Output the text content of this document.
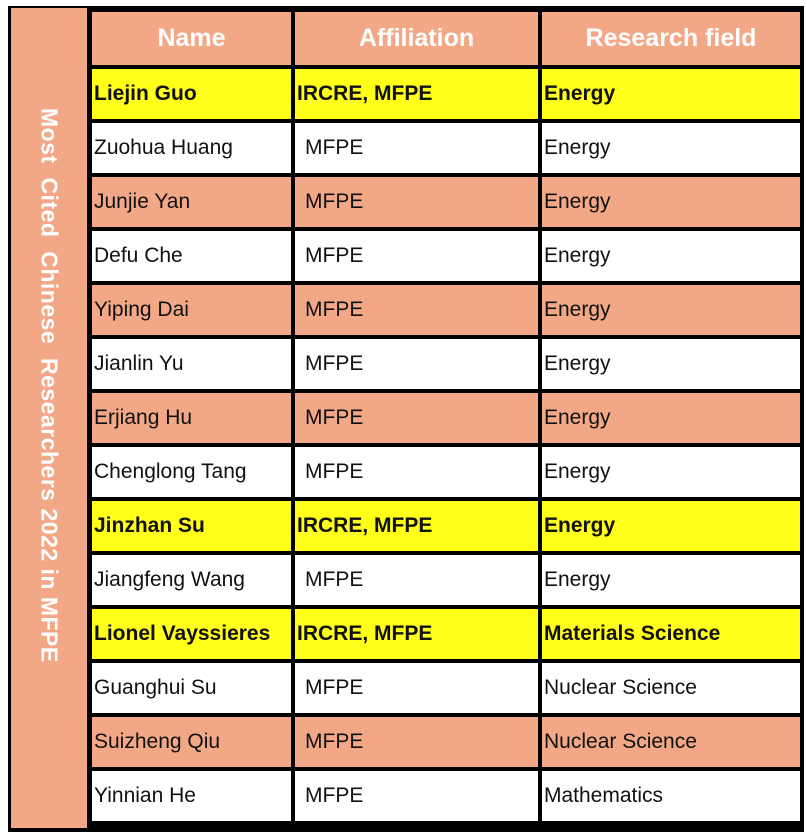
Most  Cited  Chinese  Researchers 2022 in MFPE
Name	Affiliation	Research field
Liejin Guo	IRCRE, MFPE	Energy
Zuohua Huang	MFPE	Energy
Junjie Yan	MFPE	Energy
Defu Che	MFPE	Energy
Yiping Dai	MFPE	Energy
Jianlin Yu	MFPE	Energy
Erjiang Hu	MFPE	Energy
Chenglong Tang	MFPE	Energy
Jinzhan Su	IRCRE, MFPE	Energy
Jiangfeng Wang	MFPE	Energy
Lionel Vayssieres	IRCRE, MFPE	Materials Science
Guanghui Su	MFPE	Nuclear Science
Suizheng Qiu	MFPE	Nuclear Science
Yinnian He	MFPE	Mathematics
